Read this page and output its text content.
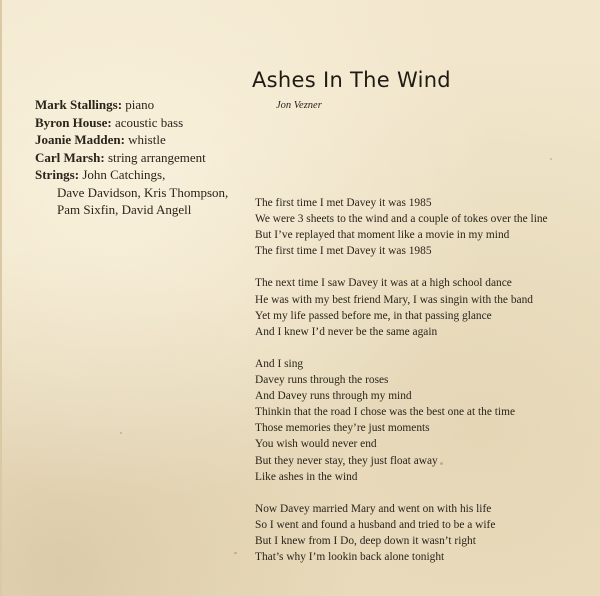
Ashes In The Wind
Jon Vezner
Mark Stallings: piano
Byron House: acoustic bass
Joanie Madden: whistle
Carl Marsh: string arrangement
Strings: John Catchings,
Dave Davidson, Kris Thompson,
Pam Sixfin, David Angell	The first time I met Davey it was 1985
We were 3 sheets to the wind and a couple of tokes over the line
But I’ve replayed that moment like a movie in my mind
The first time I met Davey it was 1985
The next time I saw Davey it was at a high school dance
He was with my best friend Mary, I was singin with the band
Yet my life passed before me, in that passing glance
And I knew I’d never be the same again
And I sing
Davey runs through the roses
And Davey runs through my mind
Thinkin that the road I chose was the best one at the time
Those memories they’re just moments
You wish would never end
But they never stay, they just float away
Like ashes in the wind
Now Davey married Mary and went on with his life
So I went and found a husband and tried to be a wife
But I knew from I Do, deep down it wasn’t right
That’s why I’m lookin back alone tonight
